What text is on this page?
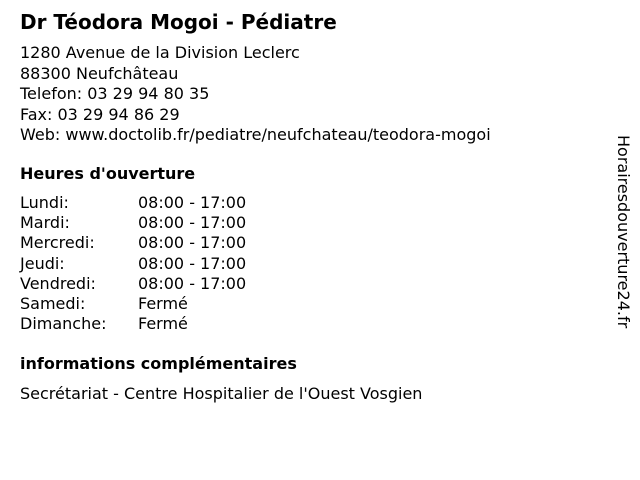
Dr Téodora Mogoi - Pédiatre
1280 Avenue de la Division Leclerc
88300 Neufchâteau
Telefon: 03 29 94 80 35
Fax: 03 29 94 86 29
Web: www.doctolib.fr/pediatre/neufchateau/teodora-mogoi
Heures d'ouverture
Lundi:	08:00 - 17:00
Mardi:	08:00 - 17:00
Mercredi:	08:00 - 17:00
Jeudi:	08:00 - 17:00
Vendredi:	08:00 - 17:00
Samedi:	Fermé
Dimanche:	Fermé
informations complémentaires
Secrétariat - Centre Hospitalier de l'Ouest Vosgien
Horairesdouverture24.fr
